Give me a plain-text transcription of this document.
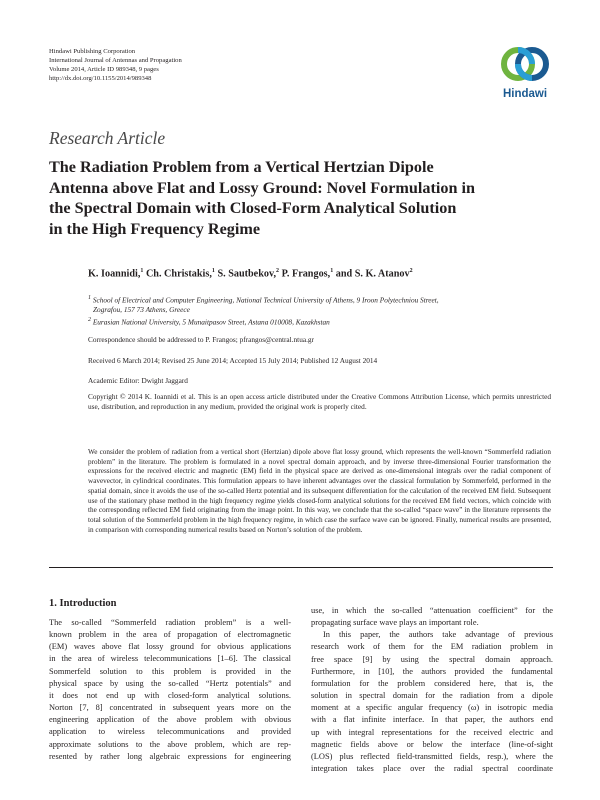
Hindawi Publishing Corporation
International Journal of Antennas and Propagation
Volume 2014, Article ID 989348, 9 pages
http://dx.doi.org/10.1155/2014/989348
Hindawi
Research Article
The Radiation Problem from a Vertical Hertzian Dipole
Antenna above Flat and Lossy Ground: Novel Formulation in
the Spectral Domain with Closed-Form Analytical Solution
in the High Frequency Regime
K. Ioannidi,$^1$ Ch. Christakis,$^1$ S. Sautbekov,$^2$ P. Frangos,$^1$ and S. K. Atanov$^2$
$^1$ School of Electrical and Computer Engineering, National Technical University of Athens, 9 Iroon Polytechniou Street,
Zografou, 157 73 Athens, Greece
$^2$ Eurasian National University, 5 Munaitpasov Street, Astana 010008, Kazakhstan
Correspondence should be addressed to P. Frangos; pfrangos@central.ntua.gr
Received 6 March 2014; Revised 25 June 2014; Accepted 15 July 2014; Published 12 August 2014
Academic Editor: Dwight Jaggard
Copyright © 2014 K. Ioannidi et al. This is an open access article distributed under the Creative Commons Attribution License, which permits unrestricted use, distribution, and reproduction in any medium, provided the original work is properly cited.
We consider the problem of radiation from a vertical short (Hertzian) dipole above flat lossy ground, which represents the well-known “Sommerfeld radiation problem” in the literature. The problem is formulated in a novel spectral domain approach, and by inverse three-dimensional Fourier transformation the expressions for the received electric and magnetic (EM) field in the physical space are derived as one-dimensional integrals over the radial component of wavevector, in cylindrical coordinates. This formulation appears to have inherent advantages over the classical formulation by Sommerfeld, performed in the spatial domain, since it avoids the use of the so-called Hertz potential and its subsequent differentiation for the calculation of the received EM field. Subsequent use of the stationary phase method in the high frequency regime yields closed-form analytical solutions for the received EM field vectors, which coincide with the corresponding reflected EM field originating from the image point. In this way, we conclude that the so-called “space wave” in the literature represents the total solution of the Sommerfeld problem in the high frequency regime, in which case the surface wave can be ignored. Finally, numerical results are presented, in comparison with corresponding numerical results based on Norton’s solution of the problem.
1. Introduction
The so-called “Sommerfeld radiation problem” is a well-
known problem in the area of propagation of electromagnetic
(EM) waves above flat lossy ground for obvious applications
in the area of wireless telecommunications [1–6]. The classical
Sommerfeld solution to this problem is provided in the
physical space by using the so-called “Hertz potentials” and
it does not end up with closed-form analytical solutions.
Norton [7, 8] concentrated in subsequent years more on the
engineering application of the above problem with obvious
application to wireless telecommunications and provided
approximate solutions to the above problem, which are rep-
resented by rather long algebraic expressions for engineering
use, in which the so-called “attenuation coefficient” for the
propagating surface wave plays an important role.
In this paper, the authors take advantage of previous
research work of them for the EM radiation problem in
free space [9] by using the spectral domain approach.
Furthermore, in [10], the authors provided the fundamental
formulation for the problem considered here, that is, the
solution in spectral domain for the radiation from a dipole
moment at a specific angular frequency (ω) in isotropic media
with a flat infinite interface. In that paper, the authors end
up with integral representations for the received electric and
magnetic fields above or below the interface (line-of-sight
(LOS) plus reflected field-transmitted fields, resp.), where the
integration takes place over the radial spectral coordinate
